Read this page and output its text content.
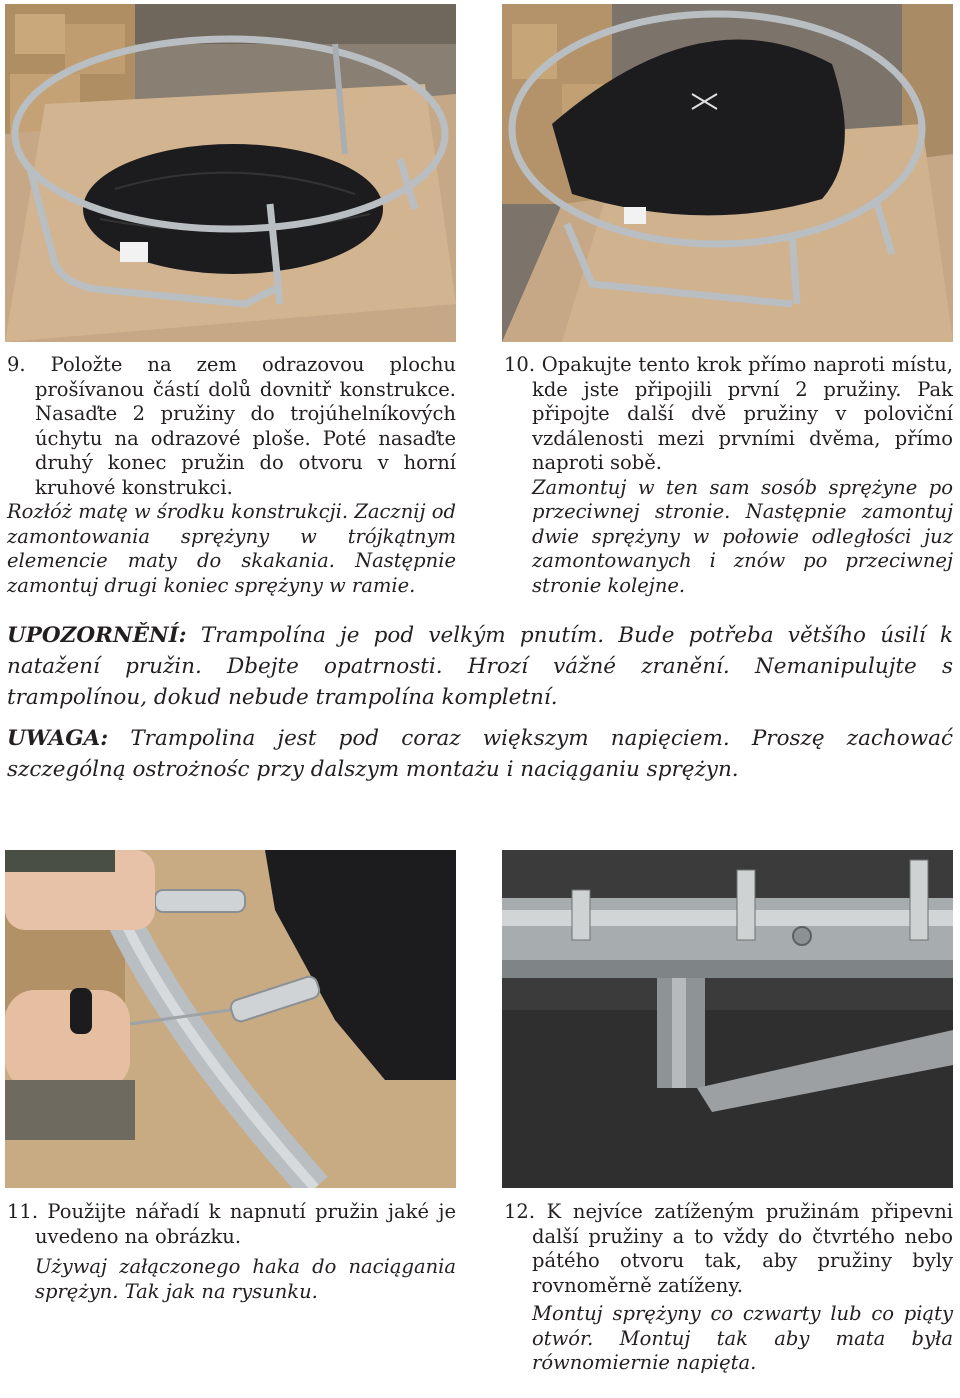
9. Položte na zem odrazovou plochu prošívanou částí dolů dovnitř konstrukce. Nasaďte 2 pružiny do trojúhelníkových úchytu na odrazové ploše. Poté nasaďte druhý konec pružin do otvoru v horní kruhové konstrukci.

Rozłóż matę w środku konstrukcji. Zacznij od zamontowania sprężyny w trójkątnym elemencie maty do skakania. Następnie zamontuj drugi koniec sprężyny w ramie.

10. Opakujte tento krok přímo naproti místu, kde jste připojili první 2 pružiny. Pak připojte další dvě pružiny v poloviční vzdálenosti mezi prvními dvěma, přímo naproti sobě.

Zamontuj w ten sam sosób sprężyne po przeciwnej stronie. Następnie zamontuj dwie sprężyny w połowie odległości juz zamontowanych i znów po przeciwnej stronie kolejne.

UPOZORNĚNÍ: Trampolína je pod velkým pnutím. Bude potřeba většího úsilí k natažení pružin. Dbejte opatrnosti. Hrozí vážné zranění. Nemanipulujte s trampolínou, dokud nebude trampolína kompletní.

UWAGA: Trampolina jest pod coraz większym napięciem. Proszę zachować szczególną ostrożnośc przy dalszym montażu i naciąganiu sprężyn.

11. Použijte nářadí k napnutí pružin jaké je uvedeno na obrázku.

Używaj załączonego haka do naciągania sprężyn. Tak jak na rysunku.

12. K nejvíce zatíženým pružinám připevni další pružiny a to vždy do čtvrtého nebo pátého otvoru tak, aby pružiny byly rovnoměrně zatíženy.

Montuj sprężyny co czwarty lub co piąty otwór. Montuj tak aby mata była równomiernie napięta.
